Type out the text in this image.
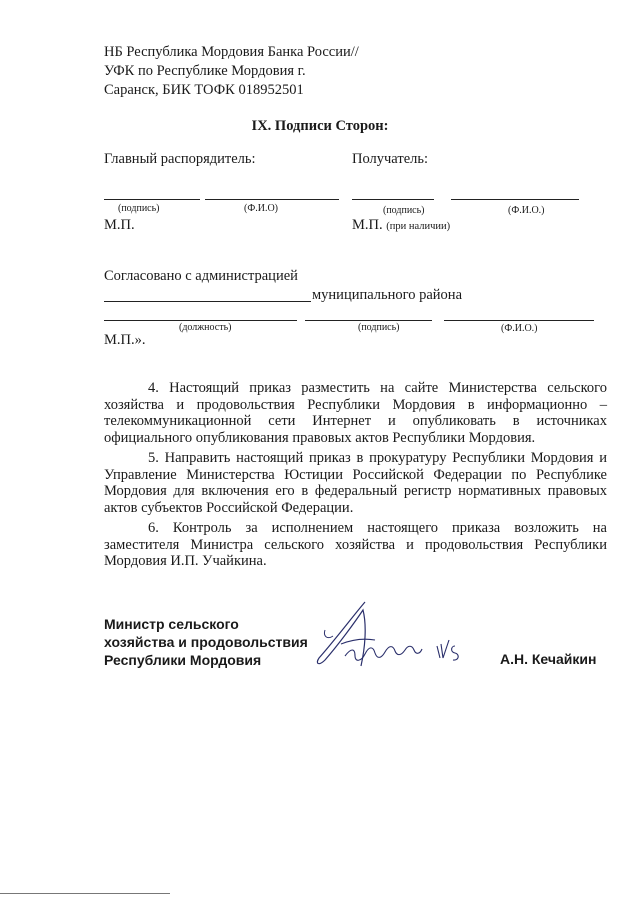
НБ Республика Мордовия Банка России//
УФК по Республике Мордовия г.
Саранск, БИК ТОФК 018952501
IX. Подписи Сторон:
Главный распорядитель:	Получатель:
(подпись)	(Ф.И.О)	(подпись)	(Ф.И.О.)
М.П.	М.П. (при наличии)
Согласовано с администрацией
муниципального района
(должность)	(подпись)	(Ф.И.О.)
М.П.».

4. Настоящий приказ разместить на сайте Министерства сельского хозяйства и продовольствия Республики Мордовия в информационно – телекоммуникационной сети Интернет и опубликовать в источниках официального опубликования правовых актов Республики Мордовия.

5. Направить настоящий приказ в прокуратуру Республики Мордовия и Управление Министерства Юстиции Российской Федерации по Республике Мордовия для включения его в федеральный регистр нормативных правовых актов субъектов Российской Федерации.

6. Контроль за исполнением настоящего приказа возложить на заместителя Министра сельского хозяйства и продовольствия Республики Мордовия И.П. Учайкина.

Министр сельского
хозяйства и продовольствия
Республики Мордовия	А.Н. Кечайкин
